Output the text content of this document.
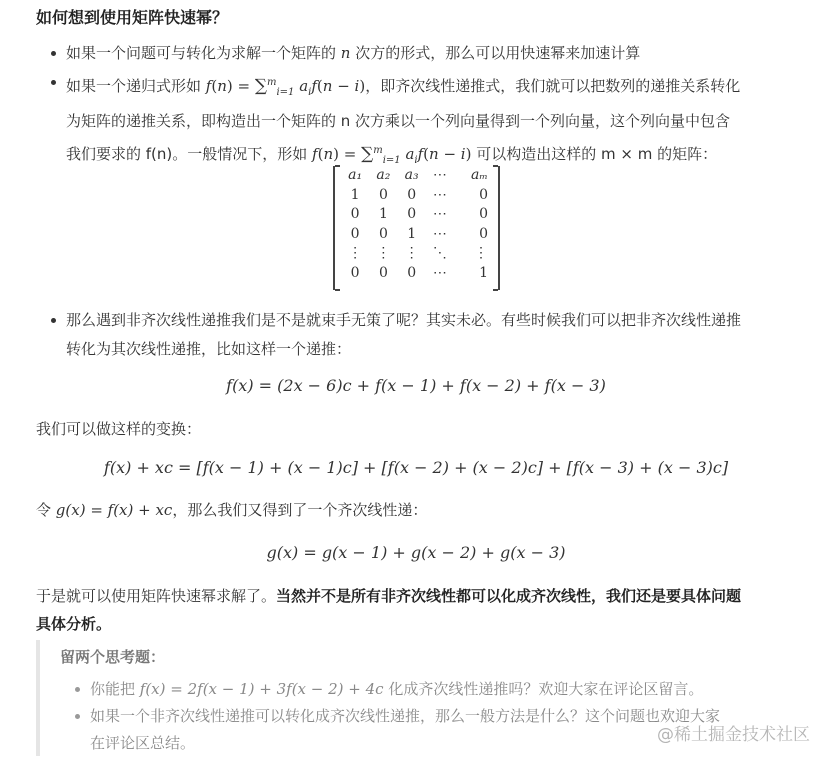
如何想到使用矩阵快速幂？
如果一个问题可与转化为求解一个矩阵的 n 次方的形式，那么可以用快速幂来加速计算
如果一个递归式形如 f(n) = ∑$^m_{i=1}$ $a_if(n - i)$，即齐次线性递推式，我们就可以把数列的递推关系转化
为矩阵的递推关系，即构造出一个矩阵的 n 次方乘以一个列向量得到一个列向量，这个列向量中包含
我们要求的 f(n)。一般情况下，形如 f(n) = ∑$^m_{i=1}$ $a_if(n - i)$ 可以构造出这样的 m × m 的矩阵：
a₁	a₂	a₃	⋯	aₘ
1	0	0	⋯	0
0	1	0	⋯	0
0	0	1	⋯	0
⋮	⋮	⋮	⋱	⋮
0	0	0	⋯	1
那么遇到非齐次线性递推我们是不是就束手无策了呢？其实未必。有些时候我们可以把非齐次线性递推
转化为其次线性递推，比如这样一个递推：
f(x) = (2x − 6)c + f(x − 1) + f(x − 2) + f(x − 3)
我们可以做这样的变换：
f(x) + xc = [f(x − 1) + (x − 1)c] + [f(x − 2) + (x − 2)c] + [f(x − 3) + (x − 3)c]
令 g(x) = f(x) + xc，那么我们又得到了一个齐次线性递：
g(x) = g(x − 1) + g(x − 2) + g(x − 3)
于是就可以使用矩阵快速幂求解了。当然并不是所有非齐次线性都可以化成齐次线性，我们还是要具体问题
具体分析。
留两个思考题：
你能把 f(x) = 2f(x − 1) + 3f(x − 2) + 4c 化成齐次线性递推吗？欢迎大家在评论区留言。
如果一个非齐次线性递推可以转化成齐次线性递推，那么一般方法是什么？这个问题也欢迎大家
在评论区总结。	@稀土掘金技术社区
